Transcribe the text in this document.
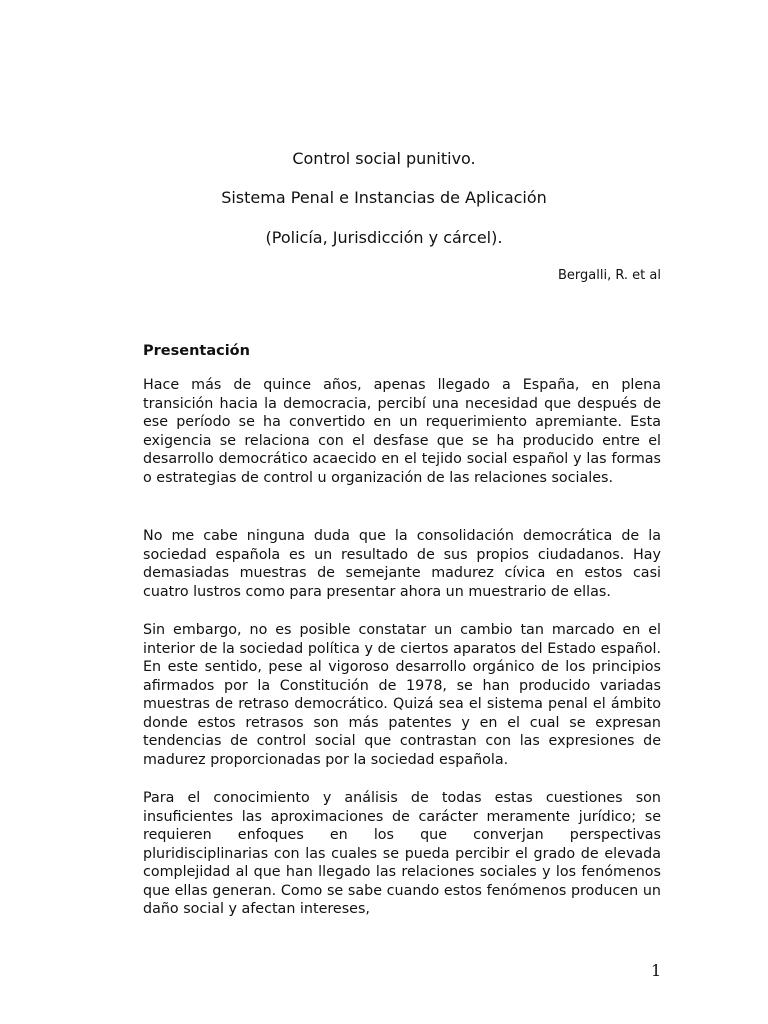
Control social punitivo.
Sistema Penal e Instancias de Aplicación
(Policía, Jurisdicción y cárcel).
Bergalli, R. et al
Presentación

Hace más de quince años, apenas llegado a España, en plena transición hacia la democracia, percibí una necesidad que después de ese período se ha convertido en un requerimiento apremiante. Esta exigencia se relaciona con el desfase que se ha producido entre el desarrollo democrático acaecido en el tejido social español y las formas o estrategias de control u organización de las relaciones sociales.

No me cabe ninguna duda que la consolidación democrática de la sociedad española es un resultado de sus propios ciudadanos. Hay demasiadas muestras de semejante madurez cívica en estos casi cuatro lustros como para presentar ahora un muestrario de ellas.

Sin embargo, no es posible constatar un cambio tan marcado en el interior de la sociedad política y de ciertos aparatos del Estado español. En este sentido, pese al vigoroso desarrollo orgánico de los principios afirmados por la Constitución de 1978, se han producido variadas muestras de retraso democrático. Quizá sea el sistema penal el ámbito donde estos retrasos son más patentes y en el cual se expresan tendencias de control social que contrastan con las expresiones de madurez proporcionadas por la sociedad española.

Para el conocimiento y análisis de todas estas cuestiones son insuficientes las aproximaciones de carácter meramente jurídico; se requieren enfoques en los que converjan perspectivas pluridisciplinarias con las cuales se pueda percibir el grado de elevada complejidad al que han llegado las relaciones sociales y los fenómenos que ellas generan. Como se sabe cuando estos fenómenos producen un daño social y afectan intereses,

1
